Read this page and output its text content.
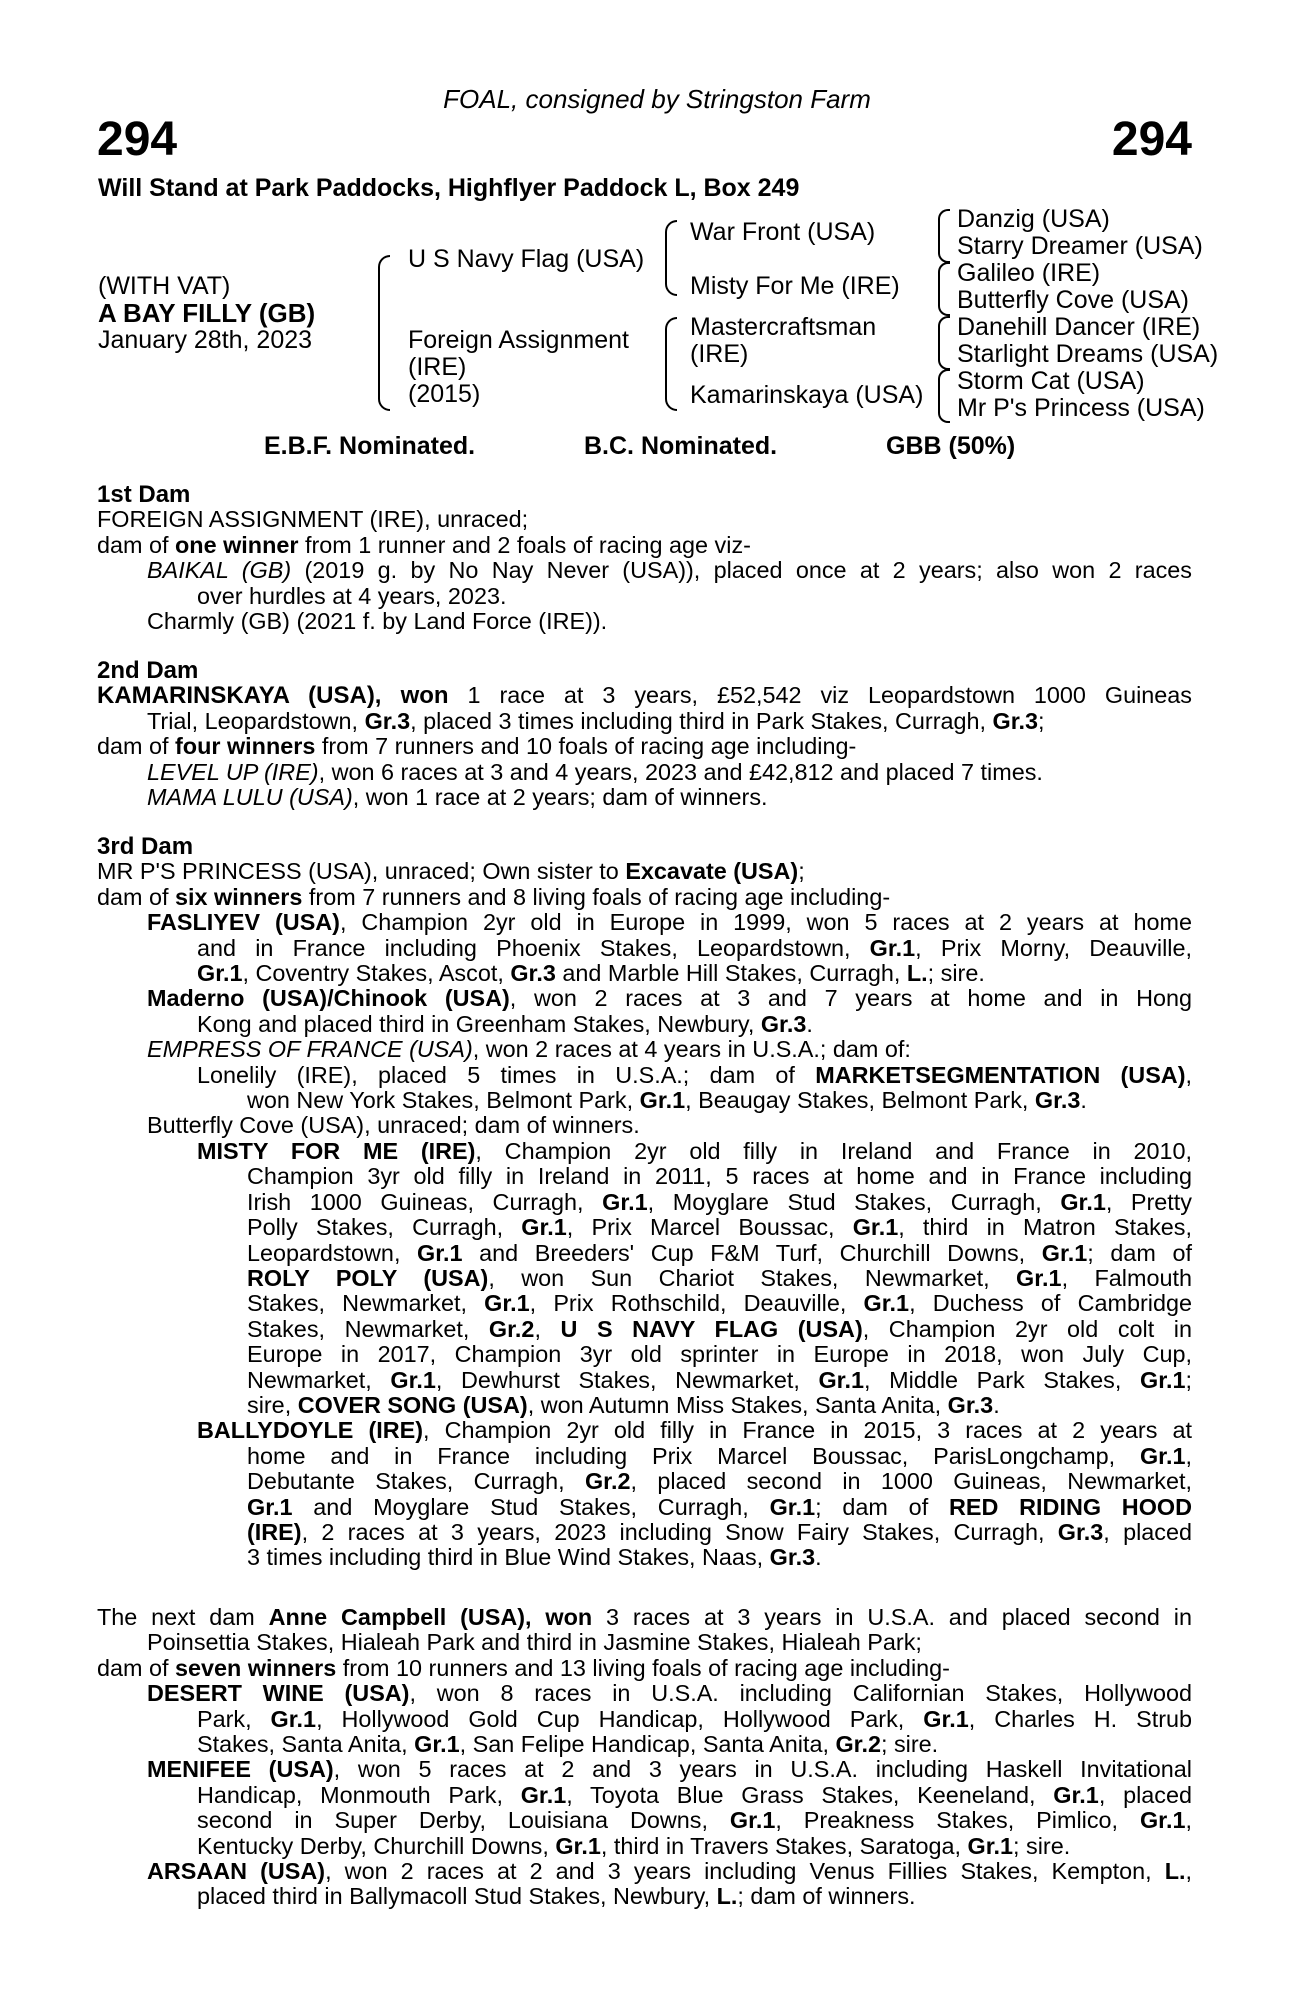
FOAL, consigned by Stringston Farm
294	294
Will Stand at Park Paddocks, Highflyer Paddock L, Box 249
(WITH VAT)
A BAY FILLY (GB)
January 28th, 2023
U S Navy Flag (USA)
Foreign Assignment
(IRE)
(2015)
War Front (USA)
Misty For Me (IRE)
Mastercraftsman
(IRE)
Kamarinskaya (USA)
Danzig (USA)
Starry Dreamer (USA)
Galileo (IRE)
Butterfly Cove (USA)
Danehill Dancer (IRE)
Starlight Dreams (USA)
Storm Cat (USA)
Mr P's Princess (USA)
E.B.F. Nominated.	B.C. Nominated.	GBB (50%)
1st Dam
FOREIGN ASSIGNMENT (IRE), unraced;
dam of one winner from 1 runner and 2 foals of racing age viz-
BAIKAL (GB) (2019 g. by No Nay Never (USA)), placed once at 2 years; also won 2 races
over hurdles at 4 years, 2023.
Charmly (GB) (2021 f. by Land Force (IRE)).
2nd Dam
KAMARINSKAYA (USA), won 1 race at 3 years, £52,542 viz Leopardstown 1000 Guineas
Trial, Leopardstown, Gr.3, placed 3 times including third in Park Stakes, Curragh, Gr.3;
dam of four winners from 7 runners and 10 foals of racing age including-
LEVEL UP (IRE), won 6 races at 3 and 4 years, 2023 and £42,812 and placed 7 times.
MAMA LULU (USA), won 1 race at 2 years; dam of winners.
3rd Dam
MR P'S PRINCESS (USA), unraced; Own sister to Excavate (USA);
dam of six winners from 7 runners and 8 living foals of racing age including-
FASLIYEV (USA), Champion 2yr old in Europe in 1999, won 5 races at 2 years at home
and in France including Phoenix Stakes, Leopardstown, Gr.1, Prix Morny, Deauville,
Gr.1, Coventry Stakes, Ascot, Gr.3 and Marble Hill Stakes, Curragh, L.; sire.
Maderno (USA)/Chinook (USA), won 2 races at 3 and 7 years at home and in Hong
Kong and placed third in Greenham Stakes, Newbury, Gr.3.
EMPRESS OF FRANCE (USA), won 2 races at 4 years in U.S.A.; dam of:
Lonelily (IRE), placed 5 times in U.S.A.; dam of MARKETSEGMENTATION (USA),
won New York Stakes, Belmont Park, Gr.1, Beaugay Stakes, Belmont Park, Gr.3.
Butterfly Cove (USA), unraced; dam of winners.
MISTY FOR ME (IRE), Champion 2yr old filly in Ireland and France in 2010,
Champion 3yr old filly in Ireland in 2011, 5 races at home and in France including
Irish 1000 Guineas, Curragh, Gr.1, Moyglare Stud Stakes, Curragh, Gr.1, Pretty
Polly Stakes, Curragh, Gr.1, Prix Marcel Boussac, Gr.1, third in Matron Stakes,
Leopardstown, Gr.1 and Breeders' Cup F&M Turf, Churchill Downs, Gr.1; dam of
ROLY POLY (USA), won Sun Chariot Stakes, Newmarket, Gr.1, Falmouth
Stakes, Newmarket, Gr.1, Prix Rothschild, Deauville, Gr.1, Duchess of Cambridge
Stakes, Newmarket, Gr.2, U S NAVY FLAG (USA), Champion 2yr old colt in
Europe in 2017, Champion 3yr old sprinter in Europe in 2018, won July Cup,
Newmarket, Gr.1, Dewhurst Stakes, Newmarket, Gr.1, Middle Park Stakes, Gr.1;
sire, COVER SONG (USA), won Autumn Miss Stakes, Santa Anita, Gr.3.
BALLYDOYLE (IRE), Champion 2yr old filly in France in 2015, 3 races at 2 years at
home and in France including Prix Marcel Boussac, ParisLongchamp, Gr.1,
Debutante Stakes, Curragh, Gr.2, placed second in 1000 Guineas, Newmarket,
Gr.1 and Moyglare Stud Stakes, Curragh, Gr.1; dam of RED RIDING HOOD
(IRE), 2 races at 3 years, 2023 including Snow Fairy Stakes, Curragh, Gr.3, placed
3 times including third in Blue Wind Stakes, Naas, Gr.3.
The next dam Anne Campbell (USA), won 3 races at 3 years in U.S.A. and placed second in
Poinsettia Stakes, Hialeah Park and third in Jasmine Stakes, Hialeah Park;
dam of seven winners from 10 runners and 13 living foals of racing age including-
DESERT WINE (USA), won 8 races in U.S.A. including Californian Stakes, Hollywood
Park, Gr.1, Hollywood Gold Cup Handicap, Hollywood Park, Gr.1, Charles H. Strub
Stakes, Santa Anita, Gr.1, San Felipe Handicap, Santa Anita, Gr.2; sire.
MENIFEE (USA), won 5 races at 2 and 3 years in U.S.A. including Haskell Invitational
Handicap, Monmouth Park, Gr.1, Toyota Blue Grass Stakes, Keeneland, Gr.1, placed
second in Super Derby, Louisiana Downs, Gr.1, Preakness Stakes, Pimlico, Gr.1,
Kentucky Derby, Churchill Downs, Gr.1, third in Travers Stakes, Saratoga, Gr.1; sire.
ARSAAN (USA), won 2 races at 2 and 3 years including Venus Fillies Stakes, Kempton, L.,
placed third in Ballymacoll Stud Stakes, Newbury, L.; dam of winners.
